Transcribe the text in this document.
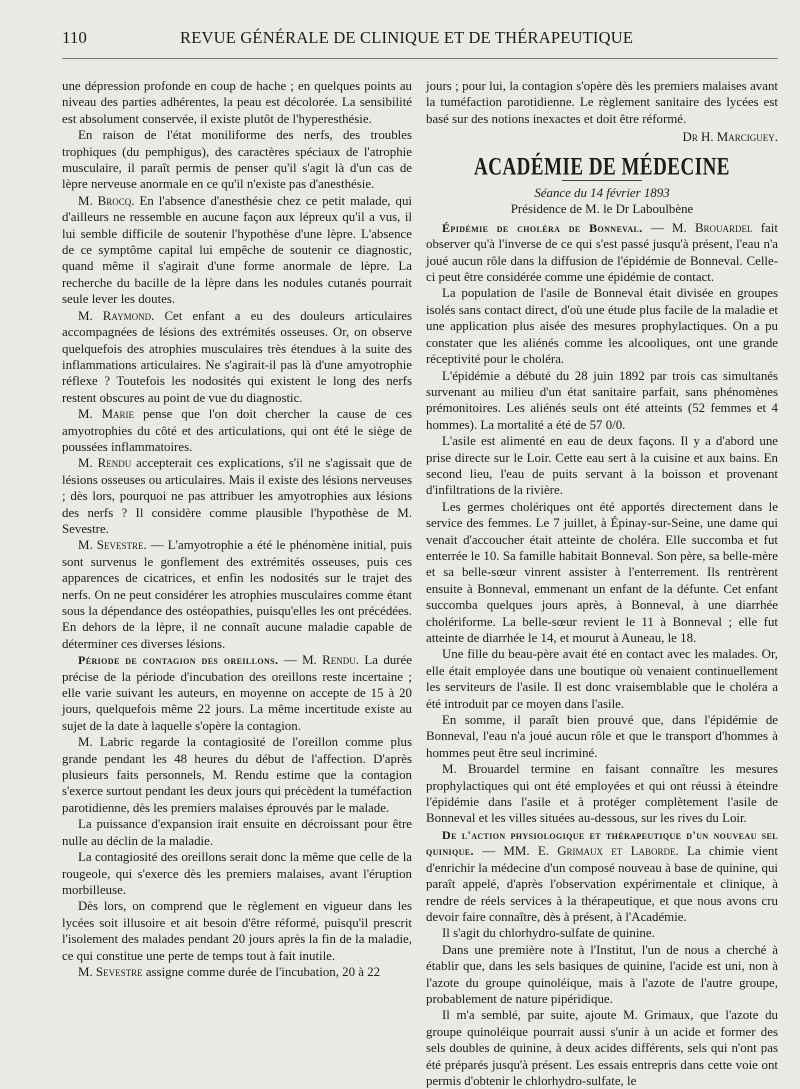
110	REVUE GÉNÉRALE DE CLINIQUE ET DE THÉRAPEUTIQUE

une dépression profonde en coup de hache ; en quelques points au niveau des parties adhérentes, la peau est décolorée. La sensibilité est absolument conservée, il existe plutôt de l'hyperesthésie.

En raison de l'état moniliforme des nerfs, des troubles trophiques (du pemphigus), des caractères spéciaux de l'atrophie musculaire, il paraît permis de penser qu'il s'agit là d'un cas de lèpre nerveuse anormale en ce qu'il n'existe pas d'anesthésie.

M. Brocq. En l'absence d'anesthésie chez ce petit malade, qui d'ailleurs ne ressemble en aucune façon aux lépreux qu'il a vus, il lui semble difficile de soutenir l'hypothèse d'une lèpre. L'absence de ce symptôme capital lui empêche de soutenir ce diagnostic, quand même il s'agirait d'une forme anormale de lèpre. La recherche du bacille de la lèpre dans les nodules cutanés pourrait seule lever les doutes.

M. Raymond. Cet enfant a eu des douleurs articulaires accompagnées de lésions des extrémités osseuses. Or, on observe quelquefois des atrophies musculaires très étendues à la suite des inflammations articulaires. Ne s'agirait-il pas là d'une amyotrophie réflexe ? Toutefois les nodosités qui existent le long des nerfs restent obscures au point de vue du diagnostic.

M. Marie pense que l'on doit chercher la cause de ces amyotrophies du côté et des articulations, qui ont été le siège de poussées inflammatoires.

M. Rendu accepterait ces explications, s'il ne s'agissait que de lésions osseuses ou articulaires. Mais il existe des lésions nerveuses ; dès lors, pourquoi ne pas attribuer les amyotrophies aux lésions des nerfs ? Il considère comme plausible l'hypothèse de M. Sevestre.

M. Sevestre. — L'amyotrophie a été le phénomène initial, puis sont survenus le gonflement des extrémités osseuses, puis ces apparences de cicatrices, et enfin les nodosités sur le trajet des nerfs. On ne peut considérer les atrophies musculaires comme étant sous la dépendance des ostéopathies, puisqu'elles les ont précédées. En dehors de la lèpre, il ne connaît aucune maladie capable de déterminer ces diverses lésions.

Période de contagion des oreillons. — M. Rendu. La durée précise de la période d'incubation des oreillons reste incertaine ; elle varie suivant les auteurs, en moyenne on accepte de 15 à 20 jours, quelquefois même 22 jours. La même incertitude existe au sujet de la date à laquelle s'opère la contagion.

M. Labric regarde la contagiosité de l'oreillon comme plus grande pendant les 48 heures du début de l'affection. D'après plusieurs faits personnels, M. Rendu estime que la contagion s'exerce surtout pendant les deux jours qui précèdent la tuméfaction parotidienne, dès les premiers malaises éprouvés par le malade.

La puissance d'expansion irait ensuite en décroissant pour être nulle au déclin de la maladie.

La contagiosité des oreillons serait donc la même que celle de la rougeole, qui s'exerce dès les premiers malaises, avant l'éruption morbilleuse.

Dès lors, on comprend que le règlement en vigueur dans les lycées soit illusoire et ait besoin d'être réformé, puisqu'il prescrit l'isolement des malades pendant 20 jours après la fin de la maladie, ce qui constitue une perte de temps tout à fait inutile.

M. Sevestre assigne comme durée de l'incubation, 20 à 22

jours ; pour lui, la contagion s'opère dès les premiers malaises avant la tuméfaction parotidienne. Le règlement sanitaire des lycées est basé sur des notions inexactes et doit être réformé.

Dr H. Marciguey.

ACADÉMIE DE MÉDECINE

Séance du 14 février 1893

Présidence de M. le Dr Laboulbène

Épidémie de choléra de Bonneval. — M. Brouardel fait observer qu'à l'inverse de ce qui s'est passé jusqu'à présent, l'eau n'a joué aucun rôle dans la diffusion de l'épidémie de Bonneval. Celle-ci peut être considérée comme une épidémie de contact.

La population de l'asile de Bonneval était divisée en groupes isolés sans contact direct, d'où une étude plus facile de la maladie et une application plus aisée des mesures prophylactiques. On a pu constater que les aliénés comme les alcooliques, ont une grande réceptivité pour le choléra.

L'épidémie a débuté du 28 juin 1892 par trois cas simultanés survenant au milieu d'un état sanitaire parfait, sans phénomènes prémonitoires. Les aliénés seuls ont été atteints (52 femmes et 4 hommes). La mortalité a été de 57 0/0.

L'asile est alimenté en eau de deux façons. Il y a d'abord une prise directe sur le Loir. Cette eau sert à la cuisine et aux bains. En second lieu, l'eau de puits servant à la boisson et provenant d'infiltrations de la rivière.

Les germes cholériques ont été apportés directement dans le service des femmes. Le 7 juillet, à Épinay-sur-Seine, une dame qui venait d'accoucher était atteinte de choléra. Elle succomba et fut enterrée le 10. Sa famille habitait Bonneval. Son père, sa belle-mère et sa belle-sœur vinrent assister à l'enterrement. Ils rentrèrent ensuite à Bonneval, emmenant un enfant de la défunte. Cet enfant succomba quelques jours après, à Bonneval, à une diarrhée cholériforme. La belle-sœur revient le 11 à Bonneval ; elle fut atteinte de diarrhée le 14, et mourut à Auneau, le 18.

Une fille du beau-père avait été en contact avec les malades. Or, elle était employée dans une boutique où venaient continuellement les serviteurs de l'asile. Il est donc vraisemblable que le choléra a été introduit par ce moyen dans l'asile.

En somme, il paraît bien prouvé que, dans l'épidémie de Bonneval, l'eau n'a joué aucun rôle et que le transport d'hommes à hommes peut être seul incriminé.

M. Brouardel termine en faisant connaître les mesures prophylactiques qui ont été employées et qui ont réussi à éteindre l'épidémie dans l'asile et à protéger complètement l'asile de Bonneval et les villes situées au-dessous, sur les rives du Loir.

De l'action physiologique et thérapeutique d'un nouveau sel quinique. — MM. E. Grimaux et Laborde. La chimie vient d'enrichir la médecine d'un composé nouveau à base de quinine, qui paraît appelé, d'après l'observation expérimentale et clinique, à rendre de réels services à la thérapeutique, et que nous avons cru devoir faire connaître, dès à présent, à l'Académie.

Il s'agit du chlorhydro-sulfate de quinine.

Dans une première note à l'Institut, l'un de nous a cherché à établir que, dans les sels basiques de quinine, l'acide est uni, non à l'azote du groupe quinoléique, mais à l'azote de l'autre groupe, probablement de nature pipéridique.

Il m'a semblé, par suite, ajoute M. Grimaux, que l'azote du groupe quinoléique pourrait aussi s'unir à un acide et former des sels doubles de quinine, à deux acides différents, sels qui n'ont pas été préparés jusqu'à présent. Les essais entrepris dans cette voie ont permis d'obtenir le chlorhydro-sulfate, le
